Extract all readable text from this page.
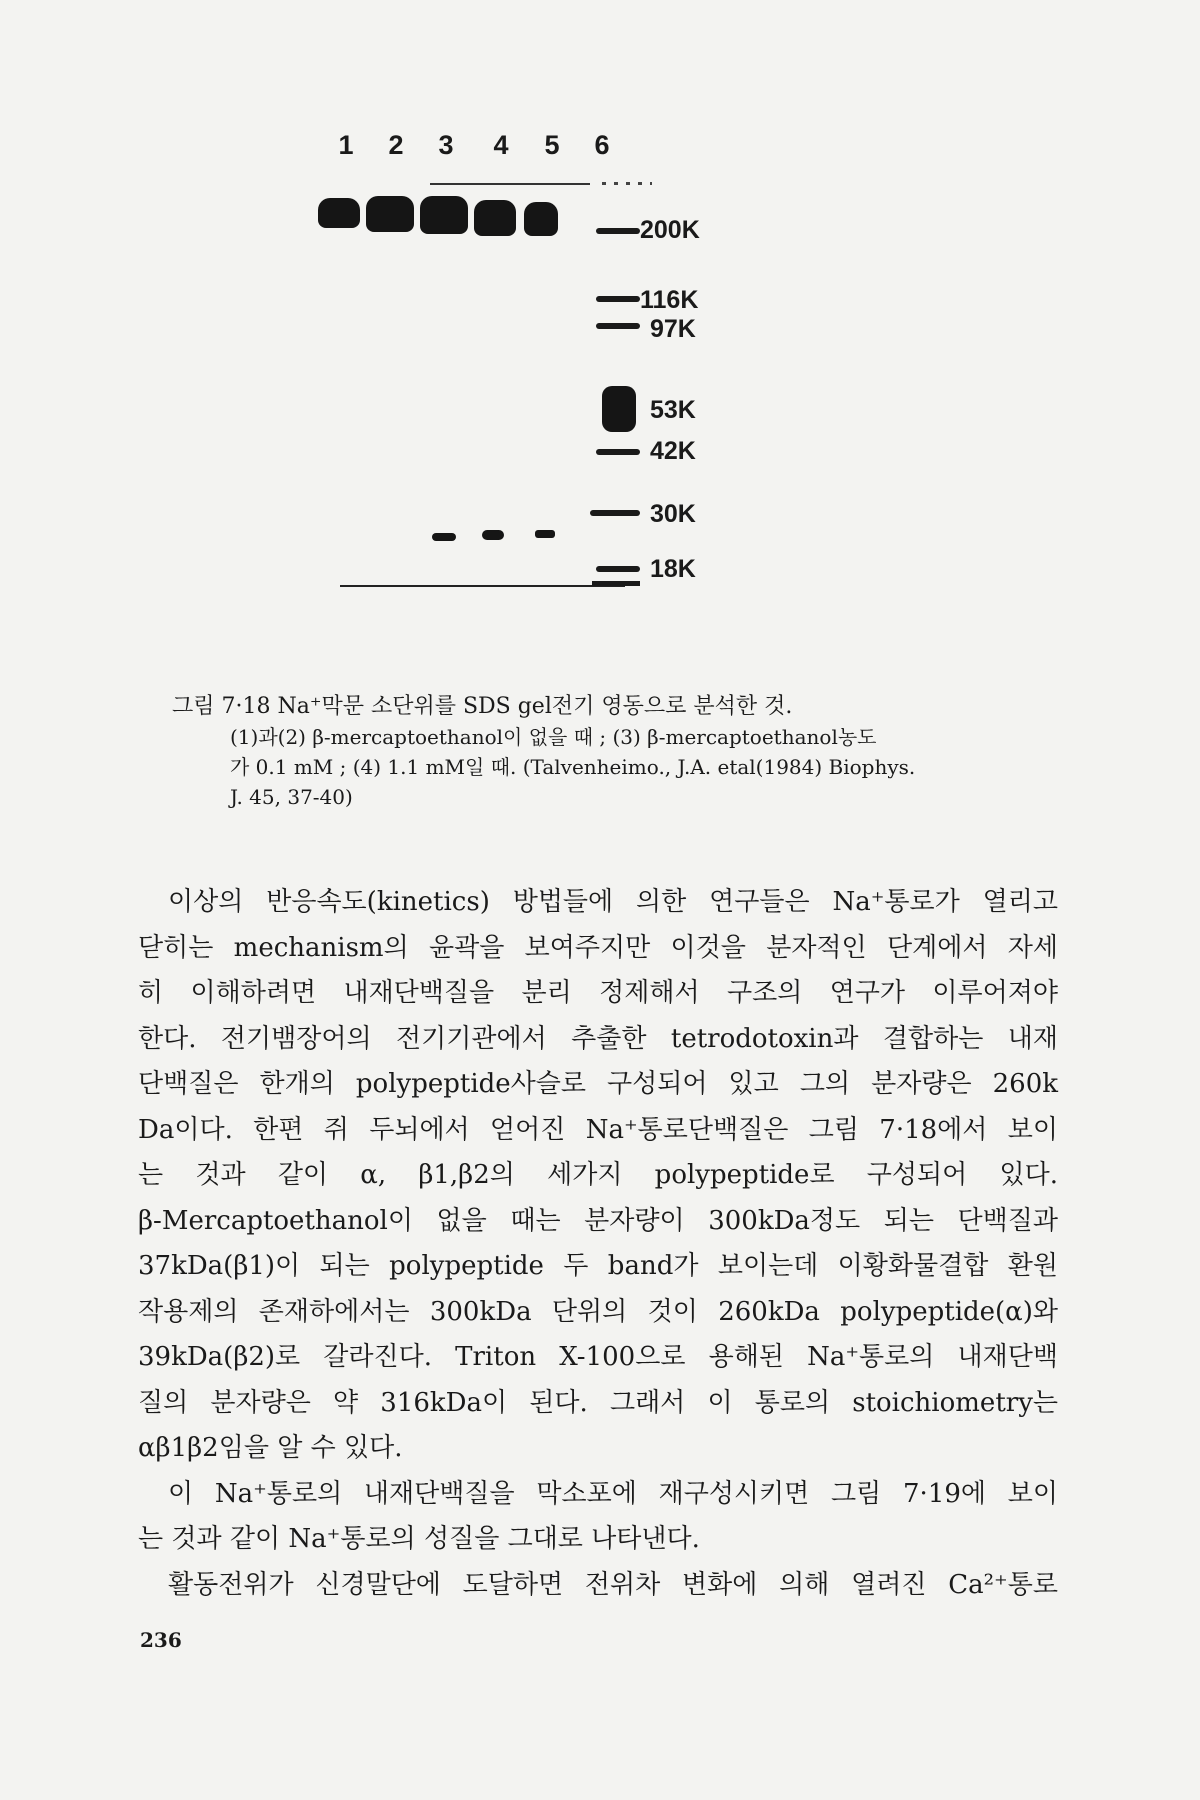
1	2	3	4	5	6
200K
116K
97K
53K
42K
30K
18K
그림 7·18 Na⁺막문 소단위를 SDS gel전기 영동으로 분석한 것.
(1)과(2) β-mercaptoethanol이 없을 때 ; (3) β-mercaptoethanol농도
가 0.1 mM ; (4) 1.1 mM일 때. (Talvenheimo., J.A. etal(1984) Biophys.
J. 45, 37-40)
이상의 반응속도(kinetics) 방법들에 의한 연구들은 Na⁺통로가 열리고
닫히는 mechanism의 윤곽을 보여주지만 이것을 분자적인 단계에서 자세
히 이해하려면 내재단백질을 분리 정제해서 구조의 연구가 이루어져야
한다. 전기뱀장어의 전기기관에서 추출한 tetrodotoxin과 결합하는 내재
단백질은 한개의 polypeptide사슬로 구성되어 있고 그의 분자량은 260k
Da이다. 한편 쥐 두뇌에서 얻어진 Na⁺통로단백질은 그림 7·18에서 보이
는 것과 같이 α, β1,β2의 세가지 polypeptide로 구성되어 있다.
β-Mercaptoethanol이 없을 때는 분자량이 300kDa정도 되는 단백질과
37kDa(β1)이 되는 polypeptide 두 band가 보이는데 이황화물결합 환원
작용제의 존재하에서는 300kDa 단위의 것이 260kDa polypeptide(α)와
39kDa(β2)로 갈라진다. Triton X-100으로 용해된 Na⁺통로의 내재단백
질의 분자량은 약 316kDa이 된다. 그래서 이 통로의 stoichiometry는
αβ1β2임을 알 수 있다.
이 Na⁺통로의 내재단백질을 막소포에 재구성시키면 그림 7·19에 보이
는 것과 같이 Na⁺통로의 성질을 그대로 나타낸다.
활동전위가 신경말단에 도달하면 전위차 변화에 의해 열려진 Ca²⁺통로
236
